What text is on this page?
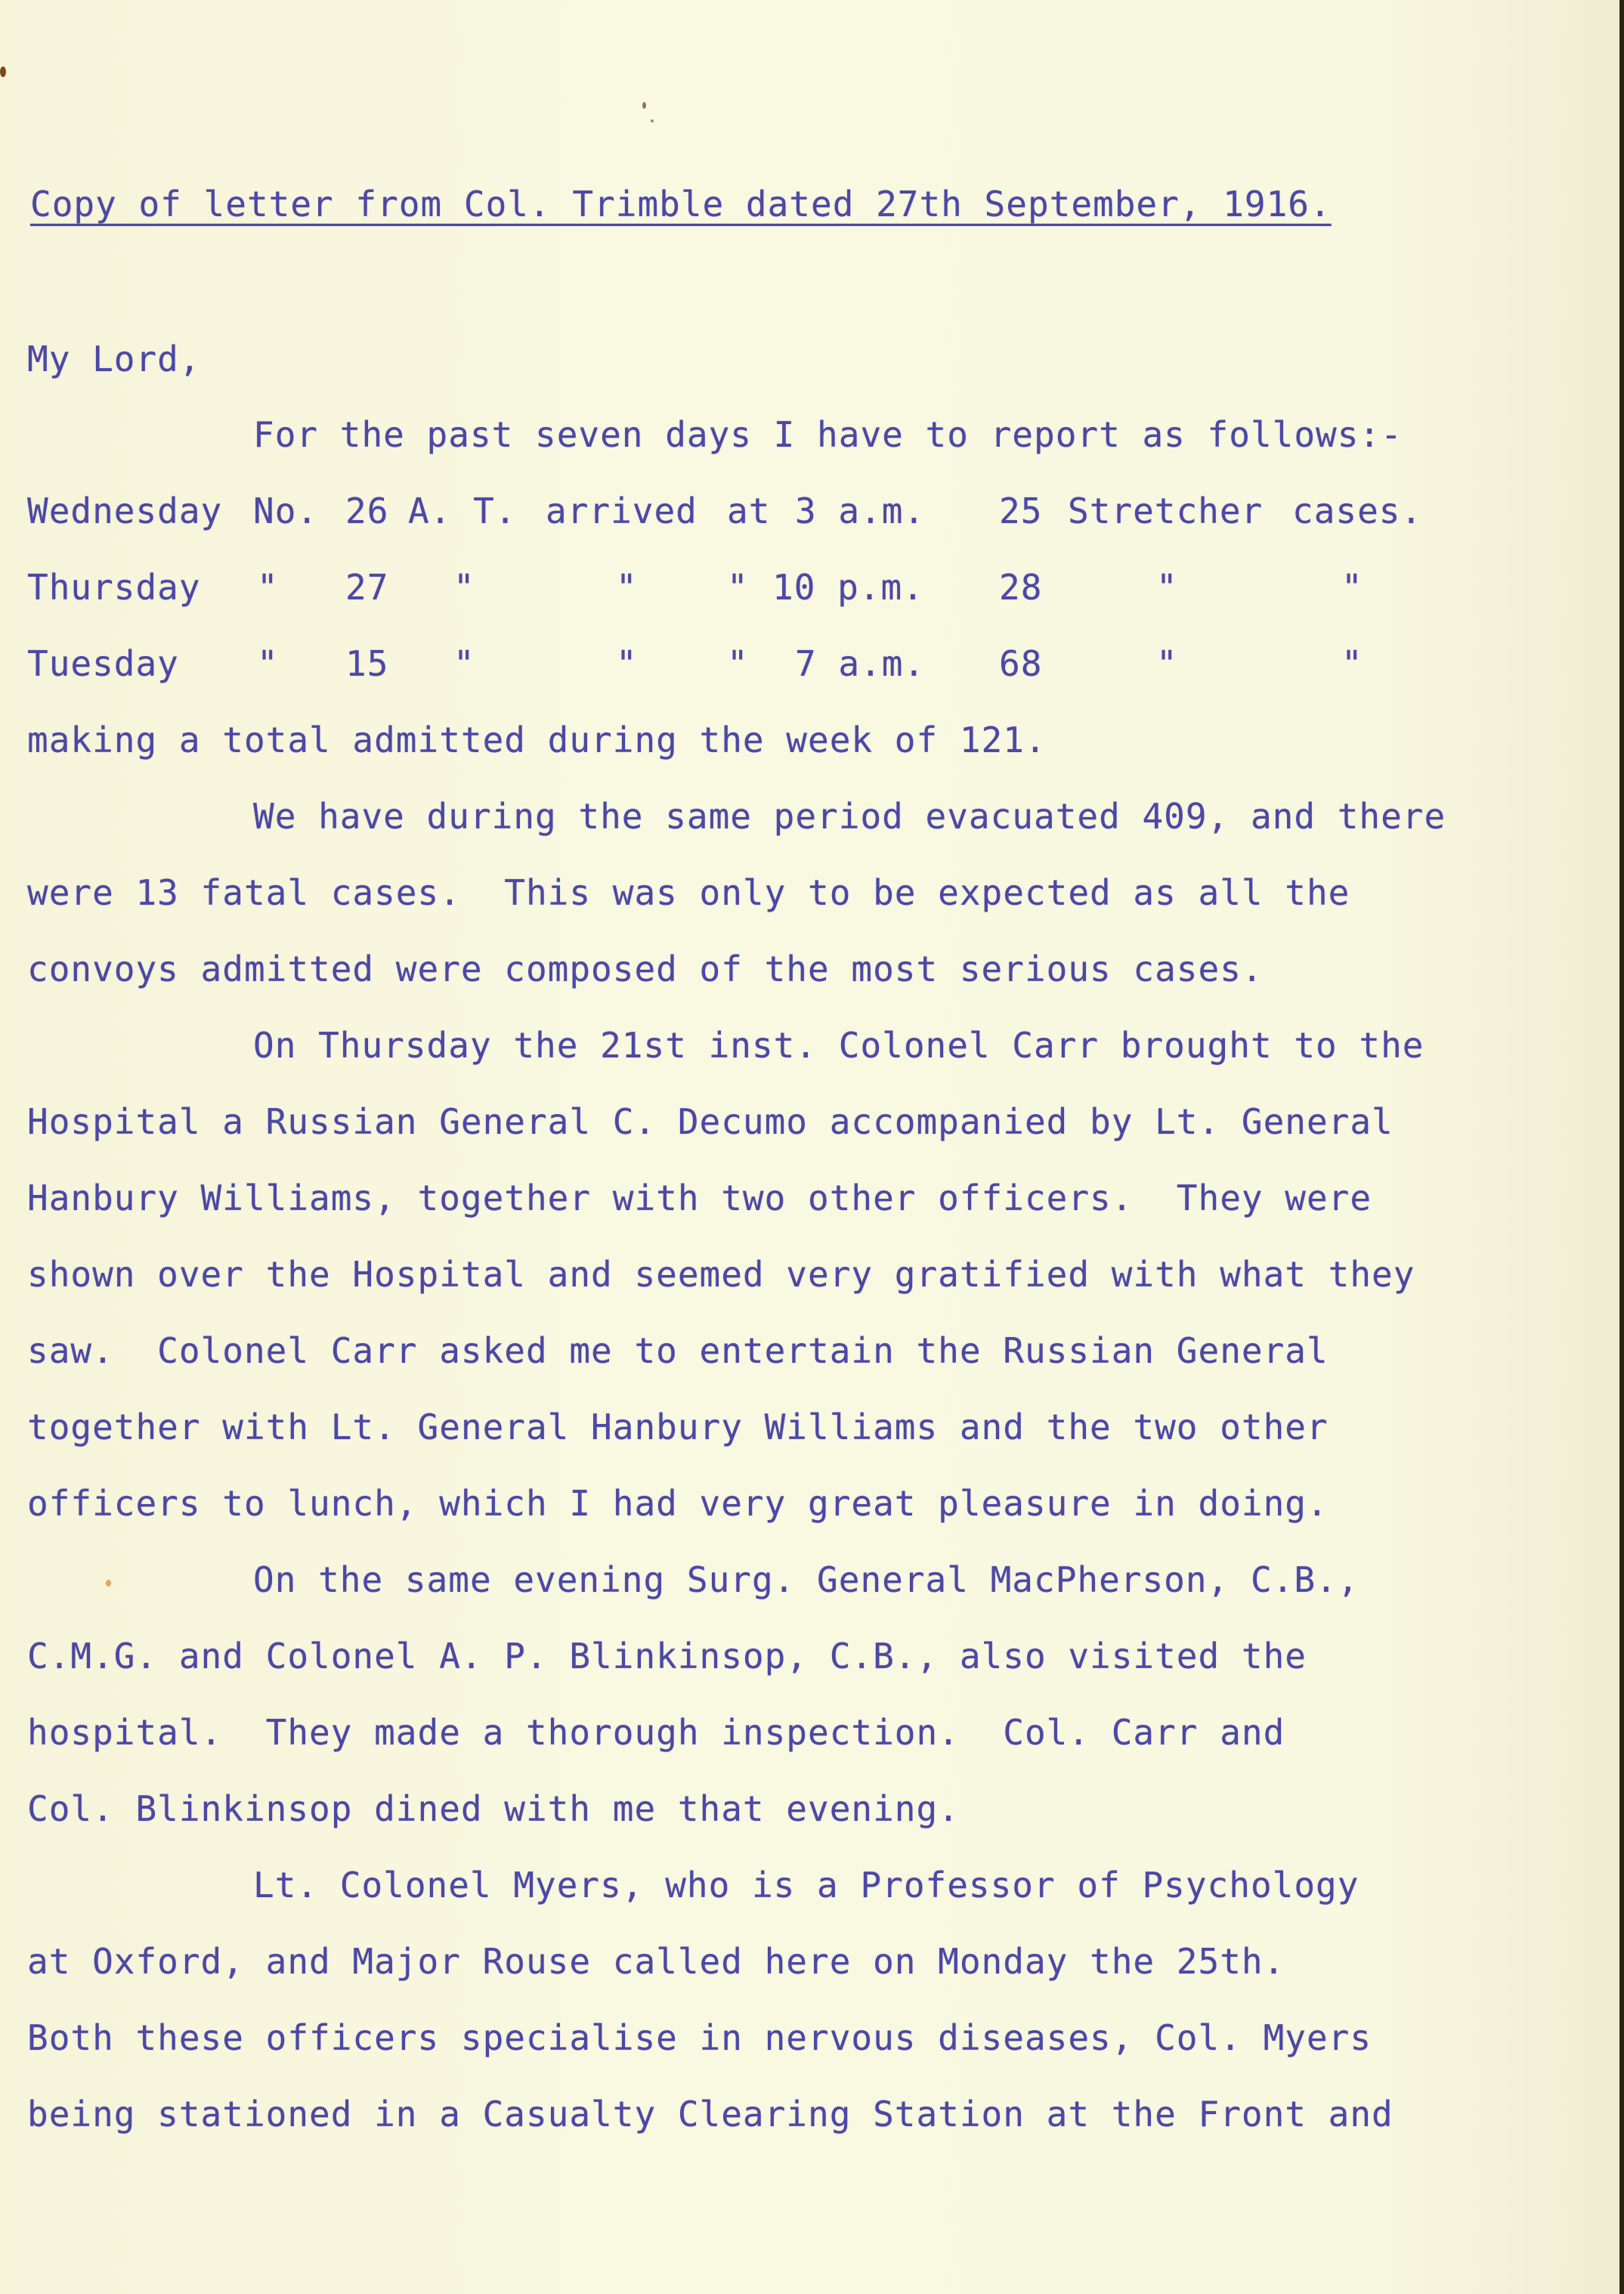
Copy of letter from Col. Trimble dated 27th September, 1916.
My Lord,
For the past seven days I have to report as follows:-
Wednesday No. 26 A. T. arrived at 3 a.m. 25 Stretcher cases.
Thursday " 27 "	"	" 10 p.m. 28	"	"
Tuesday " 15 "	"	" 7 a.m. 68	"	"
making a total admitted during the week of 121.
We have during the same period evacuated 409, and there
were 13 fatal cases.  This was only to be expected as all the
convoys admitted were composed of the most serious cases.
On Thursday the 21st inst. Colonel Carr brought to the
Hospital a Russian General C. Decumo accompanied by Lt. General
Hanbury Williams, together with two other officers.  They were
shown over the Hospital and seemed very gratified with what they
saw.  Colonel Carr asked me to entertain the Russian General
together with Lt. General Hanbury Williams and the two other
officers to lunch, which I had very great pleasure in doing.
On the same evening Surg. General MacPherson, C.B.,
C.M.G. and Colonel A. P. Blinkinsop, C.B., also visited the
hospital.  They made a thorough inspection.  Col. Carr and
Col. Blinkinsop dined with me that evening.
Lt. Colonel Myers, who is a Professor of Psychology
at Oxford, and Major Rouse called here on Monday the 25th.
Both these officers specialise in nervous diseases, Col. Myers
being stationed in a Casualty Clearing Station at the Front and
